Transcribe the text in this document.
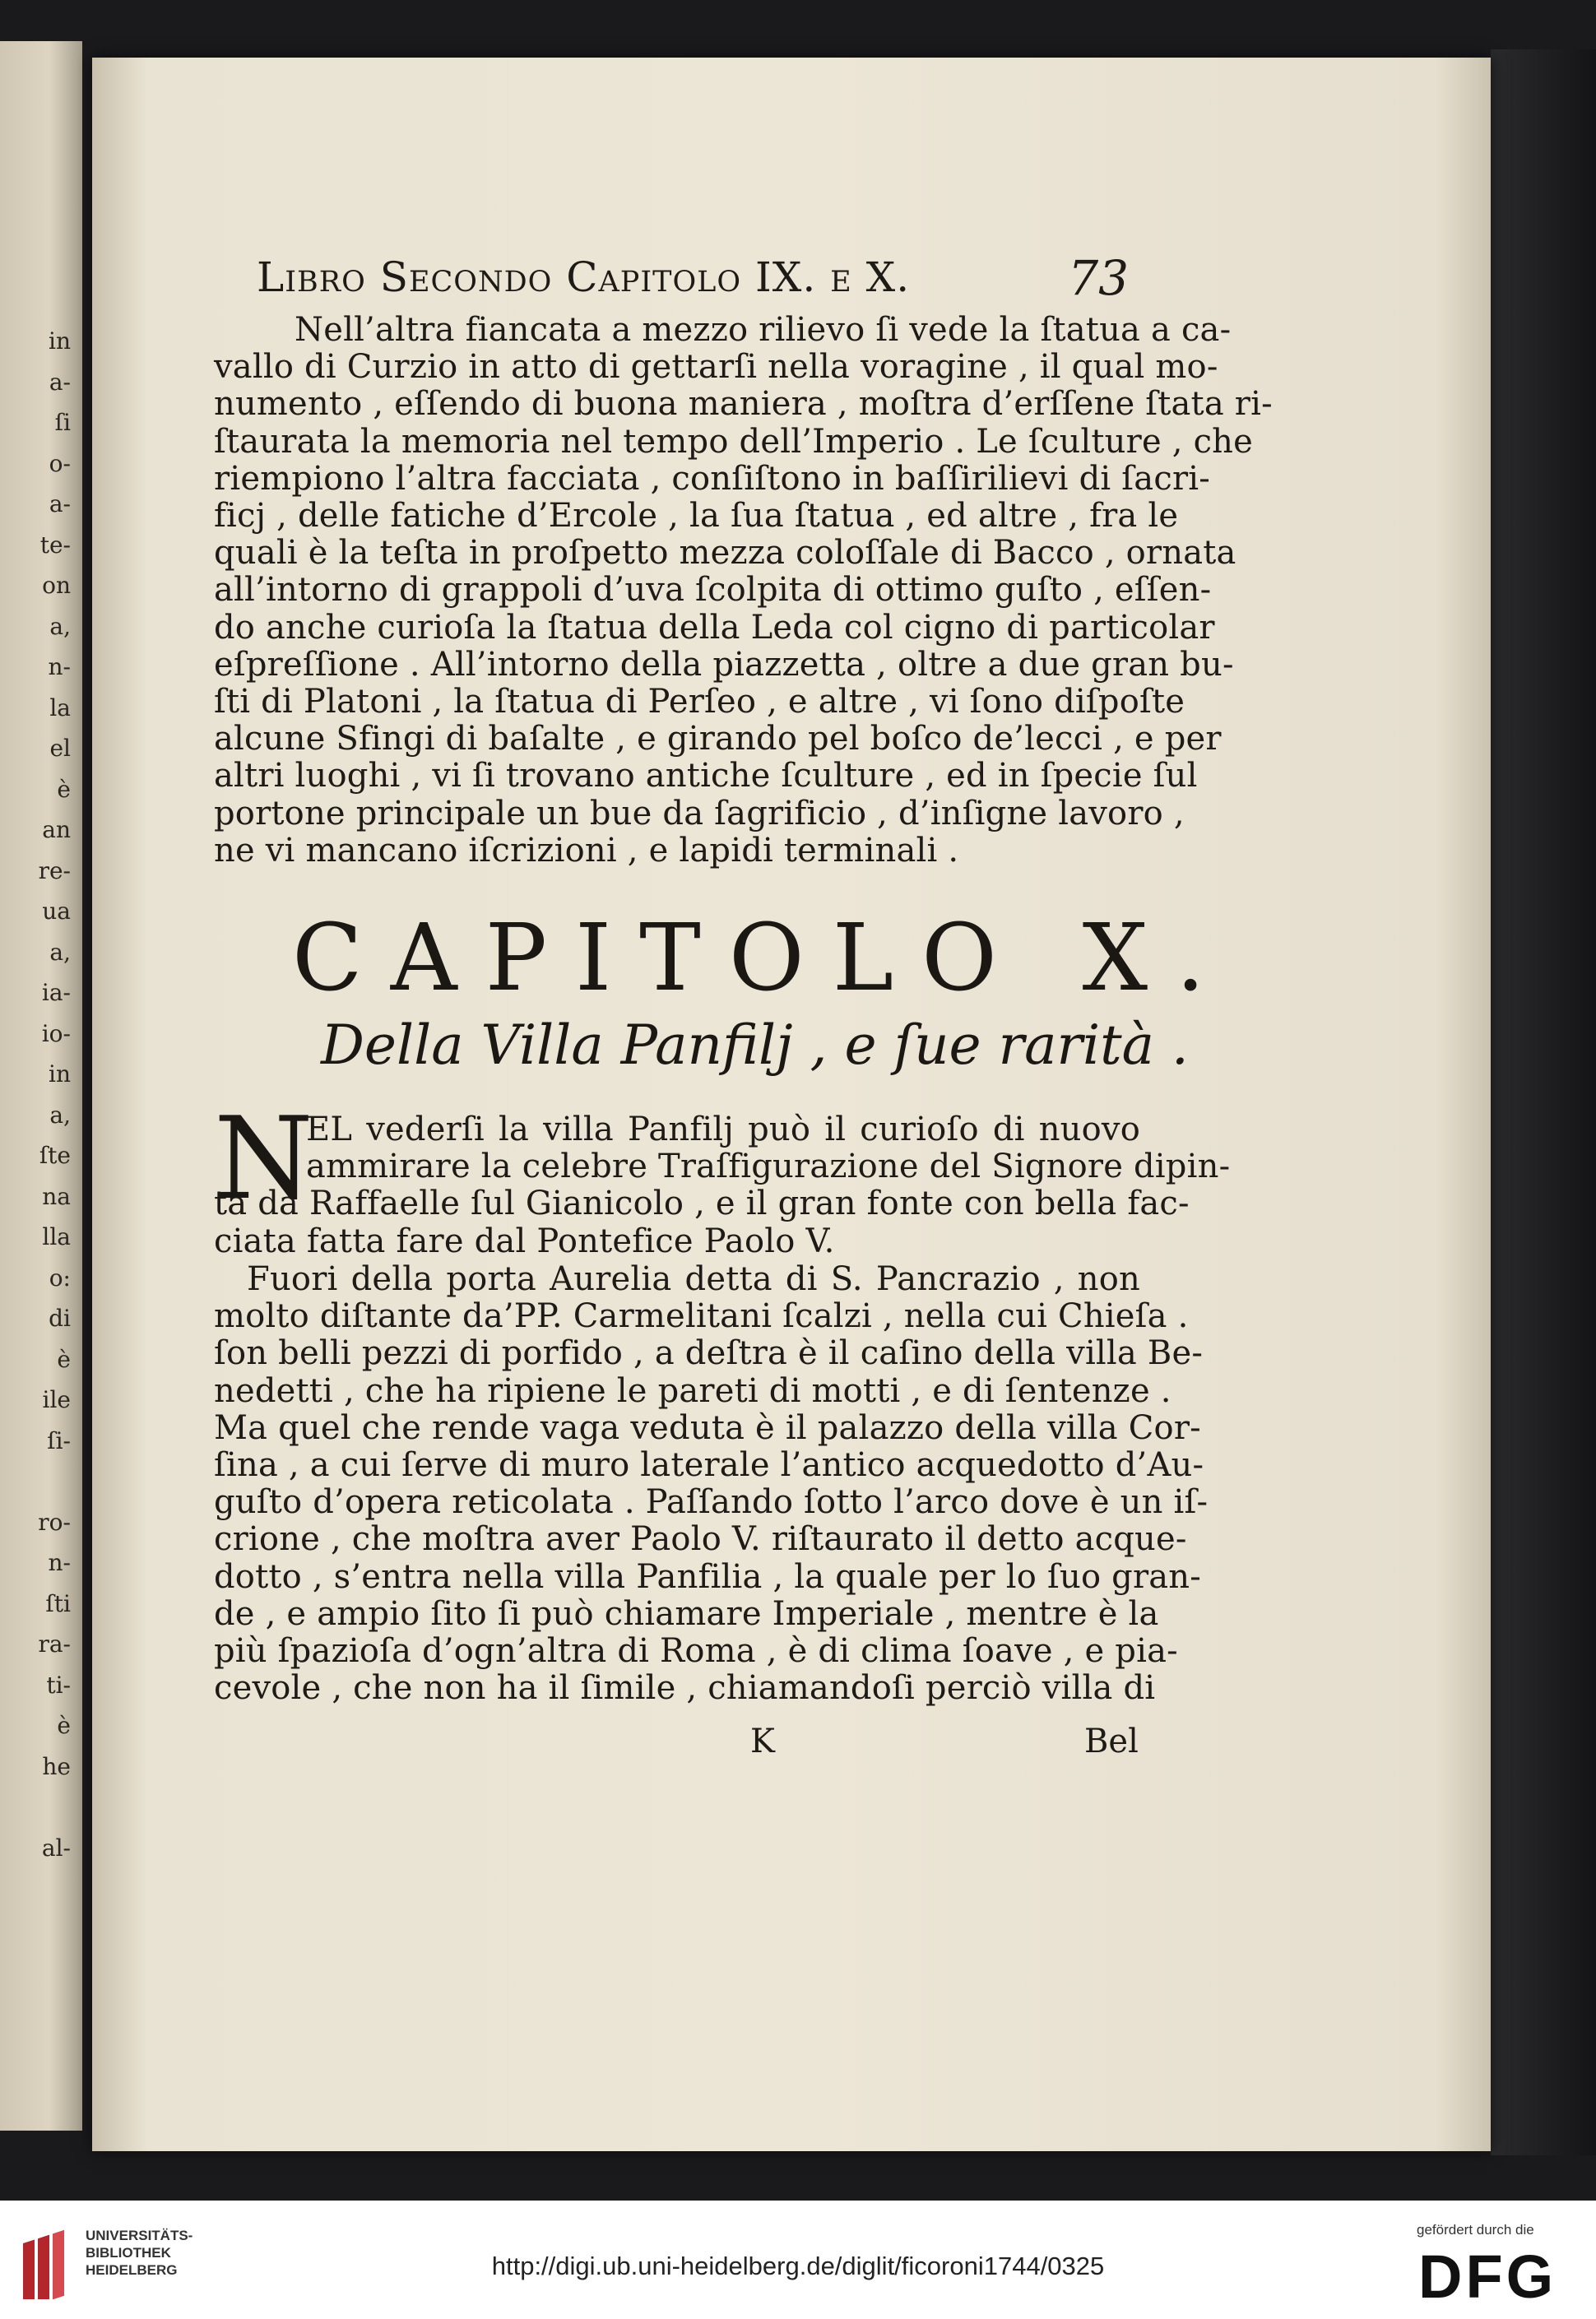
in
a-
ſi
o-
a-
te-
on
a,
n-
la
el
è
an
re-
ua
a,
ia-
io-
in
a,
ſte
na
lla
o:
di
è
ile
ſi-
ro-
n-
ſti
ra-
ti-
è
he
al-
Libro Secondo Capitolo IX. e X.	73
Nell’altra fiancata a mezzo rilievo ſi vede la ſtatua a ca-
vallo di Curzio in atto di gettarſi nella voragine , il qual mo-
numento , eſſendo di buona maniera , moſtra d’erſſene ſtata ri-
ſtaurata la memoria nel tempo dell’Imperio . Le ſculture , che
riempiono l’altra facciata , conſiſtono in baſſirilievi di ſacri-
ficj , delle fatiche d’Ercole , la ſua ſtatua , ed altre , fra le
quali è la teſta in proſpetto mezza coloſſale di Bacco , ornata
all’intorno di grappoli d’uva ſcolpita di ottimo guſto , eſſen-
do anche curioſa la ſtatua della Leda col cigno di particolar
eſpreſſione . All’intorno della piazzetta , oltre a due gran bu-
ſti di Platoni , la ſtatua di Perſeo , e altre , vi ſono diſpoſte
alcune Sfingi di baſalte , e girando pel boſco de’lecci , e per
altri luoghi , vi ſi trovano antiche ſculture , ed in ſpecie ſul
portone principale un bue da ſagrificio , d’inſigne lavoro ,
ne vi mancano iſcrizioni , e lapidi terminali .
CAPITOLO X.
Della Villa Panfilj , e ſue rarità .
N
EL vederſi la villa Panfilj può il curioſo di nuovo
ammirare la celebre Traſfigurazione del Signore dipin-
ta da Raffaelle ſul Gianicolo , e il gran fonte con bella fac-
ciata fatta fare dal Pontefice Paolo V.
Fuori della porta Aurelia detta di S. Pancrazio , non
molto diſtante da’PP. Carmelitani ſcalzi , nella cui Chieſa .
ſon belli pezzi di porfido , a deſtra è il caſino della villa Be-
nedetti , che ha ripiene le pareti di motti , e di ſentenze .
Ma quel che rende vaga veduta è il palazzo della villa Cor-
ſina , a cui ſerve di muro laterale l’antico acquedotto d’Au-
guſto d’opera reticolata . Paſſando ſotto l’arco dove è un iſ-
crione , che moſtra aver Paolo V. riſtaurato il detto acque-
dotto , s’entra nella villa Panfilia , la quale per lo ſuo gran-
de , e ampio ſito ſi può chiamare Imperiale , mentre è la
più ſpazioſa d’ogn’altra di Roma , è di clima ſoave , e pia-
cevole , che non ha il ſimile , chiamandoſi perciò villa di
K	Bel
UNIVERSITÄTS-
BIBLIOTHEK
HEIDELBERG	http://digi.ub.uni-heidelberg.de/diglit/ficoroni1744/0325
gefördert durch die
DFG
